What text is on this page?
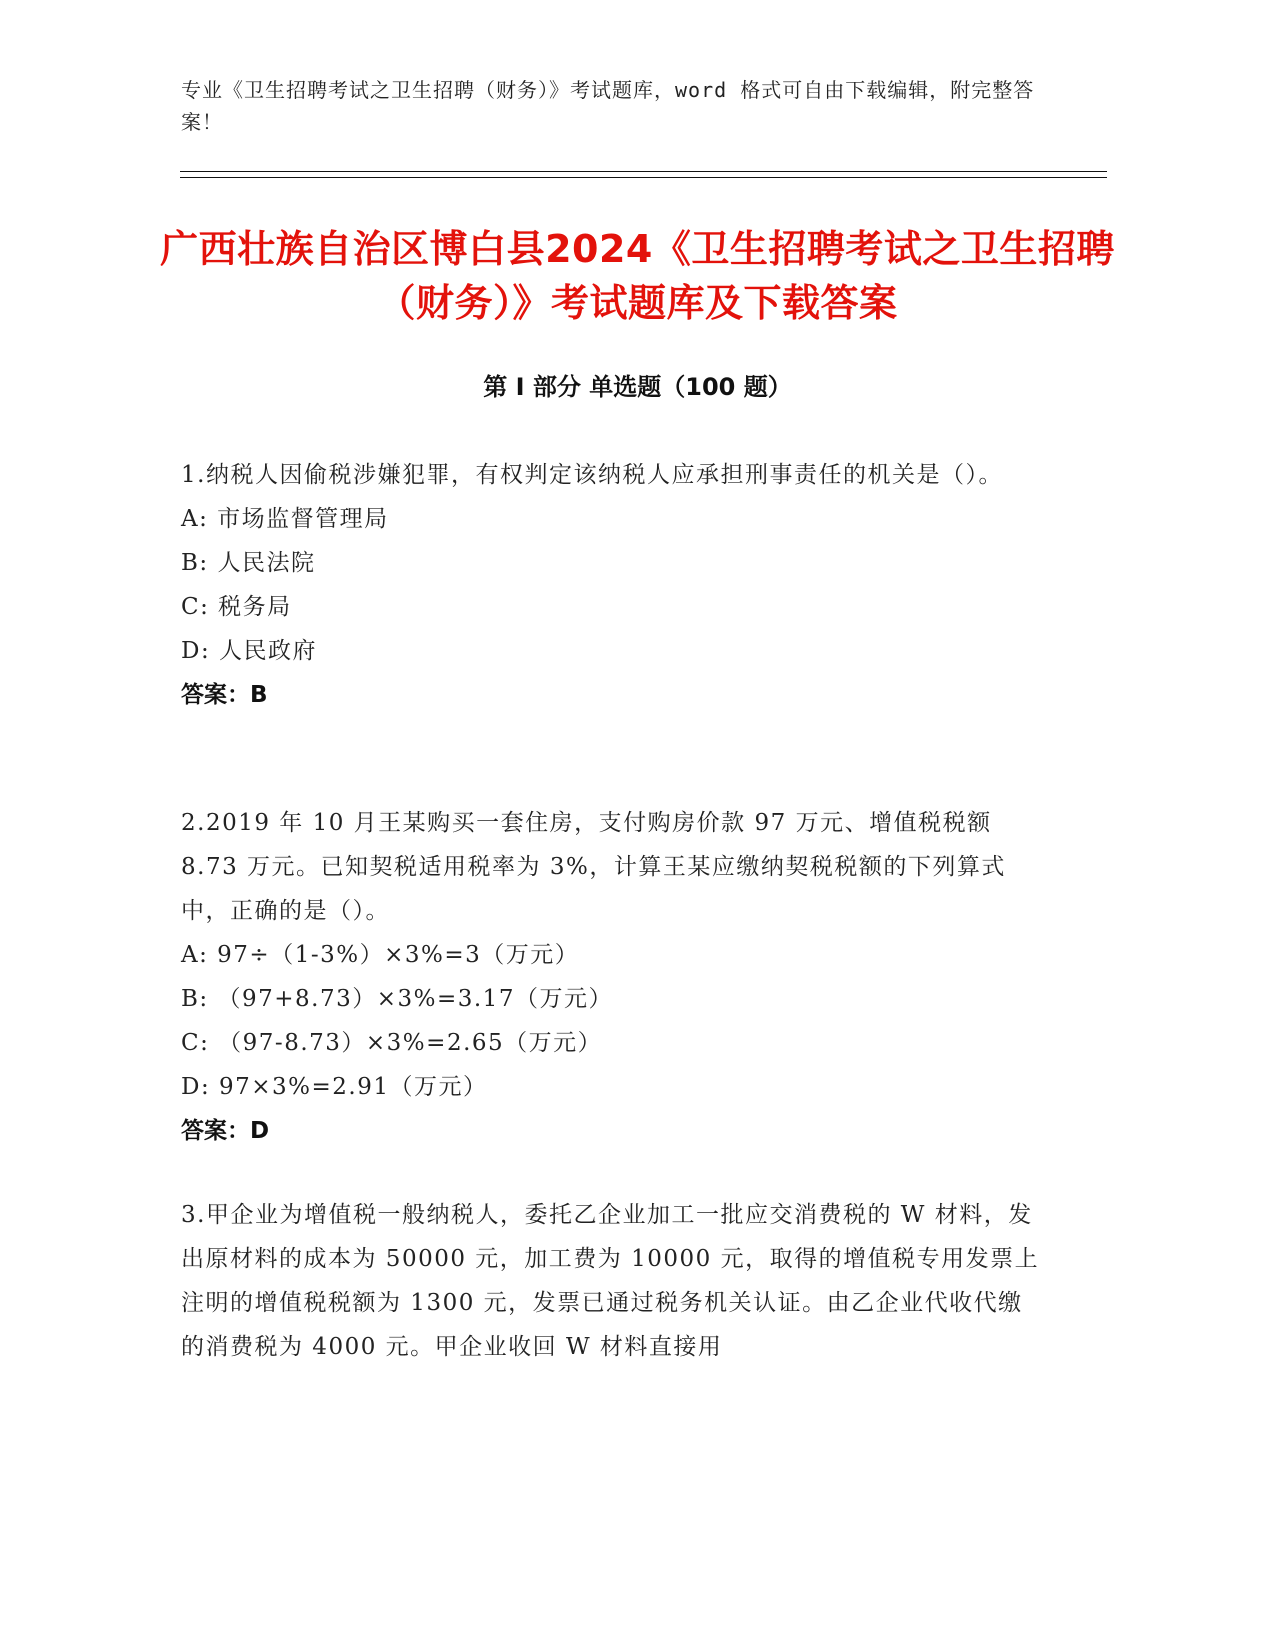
专业《卫生招聘考试之卫生招聘（财务）》考试题库，word 格式可自由下载编辑，附完整答案！
广西壮族自治区博白县2024《卫生招聘考试之卫生招聘（财务）》考试题库及下载答案
第 I 部分 单选题（100 题）
1.纳税人因偷税涉嫌犯罪，有权判定该纳税人应承担刑事责任的机关是（）。
A: 市场监督管理局
B: 人民法院
C: 税务局
D: 人民政府
答案：B
2.2019 年 10 月王某购买一套住房，支付购房价款 97 万元、增值税税额 8.73 万元。已知契税适用税率为 3%，计算王某应缴纳契税税额的下列算式中，正确的是（）。
A: 97÷（1-3%）×3%=3（万元）
B: （97+8.73）×3%=3.17（万元）
C: （97-8.73）×3%=2.65（万元）
D: 97×3%=2.91（万元）
答案：D
3.甲企业为增值税一般纳税人，委托乙企业加工一批应交消费税的 W 材料，发出原材料的成本为 50000 元，加工费为 10000 元，取得的增值税专用发票上注明的增值税税额为 1300 元，发票已通过税务机关认证。由乙企业代收代缴的消费税为 4000 元。甲企业收回 W 材料直接用
